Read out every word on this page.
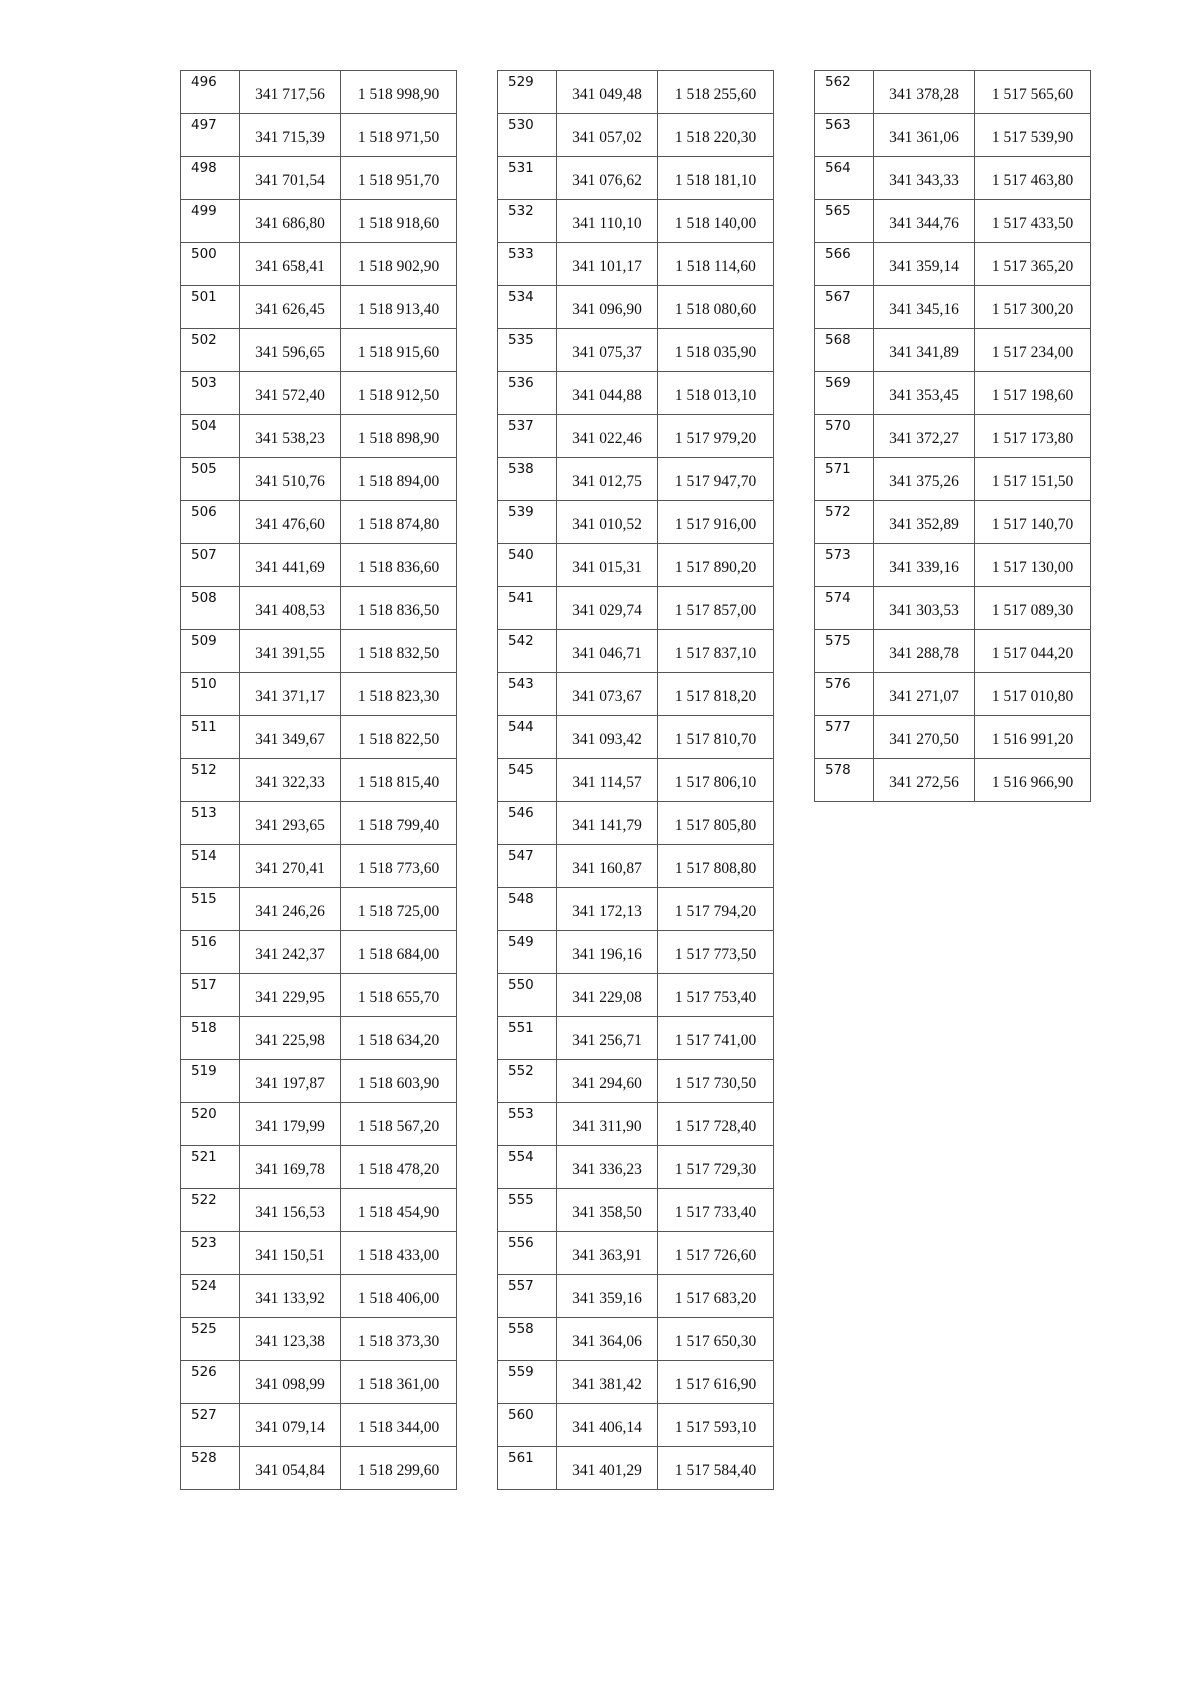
496	341 717,56	1 518 998,90
497	341 715,39	1 518 971,50
498	341 701,54	1 518 951,70
499	341 686,80	1 518 918,60
500	341 658,41	1 518 902,90
501	341 626,45	1 518 913,40
502	341 596,65	1 518 915,60
503	341 572,40	1 518 912,50
504	341 538,23	1 518 898,90
505	341 510,76	1 518 894,00
506	341 476,60	1 518 874,80
507	341 441,69	1 518 836,60
508	341 408,53	1 518 836,50
509	341 391,55	1 518 832,50
510	341 371,17	1 518 823,30
511	341 349,67	1 518 822,50
512	341 322,33	1 518 815,40
513	341 293,65	1 518 799,40
514	341 270,41	1 518 773,60
515	341 246,26	1 518 725,00
516	341 242,37	1 518 684,00
517	341 229,95	1 518 655,70
518	341 225,98	1 518 634,20
519	341 197,87	1 518 603,90
520	341 179,99	1 518 567,20
521	341 169,78	1 518 478,20
522	341 156,53	1 518 454,90
523	341 150,51	1 518 433,00
524	341 133,92	1 518 406,00
525	341 123,38	1 518 373,30
526	341 098,99	1 518 361,00
527	341 079,14	1 518 344,00
528	341 054,84	1 518 299,60
529	341 049,48	1 518 255,60
530	341 057,02	1 518 220,30
531	341 076,62	1 518 181,10
532	341 110,10	1 518 140,00
533	341 101,17	1 518 114,60
534	341 096,90	1 518 080,60
535	341 075,37	1 518 035,90
536	341 044,88	1 518 013,10
537	341 022,46	1 517 979,20
538	341 012,75	1 517 947,70
539	341 010,52	1 517 916,00
540	341 015,31	1 517 890,20
541	341 029,74	1 517 857,00
542	341 046,71	1 517 837,10
543	341 073,67	1 517 818,20
544	341 093,42	1 517 810,70
545	341 114,57	1 517 806,10
546	341 141,79	1 517 805,80
547	341 160,87	1 517 808,80
548	341 172,13	1 517 794,20
549	341 196,16	1 517 773,50
550	341 229,08	1 517 753,40
551	341 256,71	1 517 741,00
552	341 294,60	1 517 730,50
553	341 311,90	1 517 728,40
554	341 336,23	1 517 729,30
555	341 358,50	1 517 733,40
556	341 363,91	1 517 726,60
557	341 359,16	1 517 683,20
558	341 364,06	1 517 650,30
559	341 381,42	1 517 616,90
560	341 406,14	1 517 593,10
561	341 401,29	1 517 584,40
562	341 378,28	1 517 565,60
563	341 361,06	1 517 539,90
564	341 343,33	1 517 463,80
565	341 344,76	1 517 433,50
566	341 359,14	1 517 365,20
567	341 345,16	1 517 300,20
568	341 341,89	1 517 234,00
569	341 353,45	1 517 198,60
570	341 372,27	1 517 173,80
571	341 375,26	1 517 151,50
572	341 352,89	1 517 140,70
573	341 339,16	1 517 130,00
574	341 303,53	1 517 089,30
575	341 288,78	1 517 044,20
576	341 271,07	1 517 010,80
577	341 270,50	1 516 991,20
578	341 272,56	1 516 966,90
